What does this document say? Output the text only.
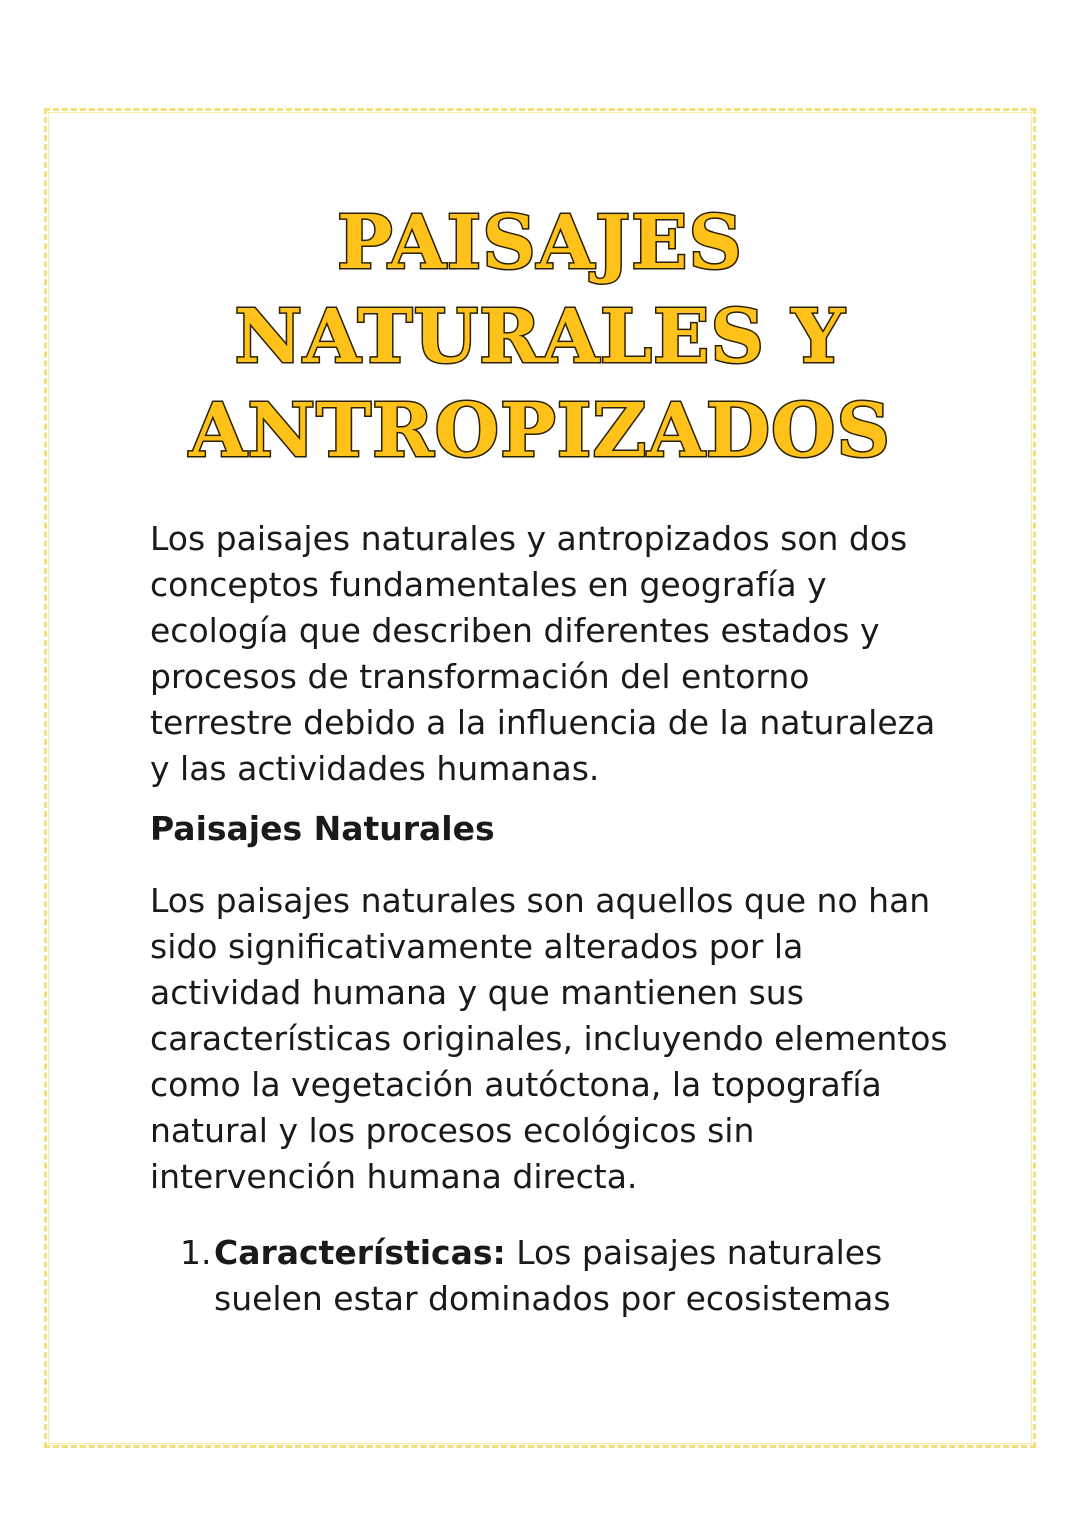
PAISAJES
NATURALES Y
ANTROPIZADOS

Los paisajes naturales y antropizados son dos conceptos fundamentales en geografía y ecología que describen diferentes estados y procesos de transformación del entorno terrestre debido a la influencia de la naturaleza y las actividades humanas.

Paisajes Naturales

Los paisajes naturales son aquellos que no han sido significativamente alterados por la actividad humana y que mantienen sus características originales, incluyendo elementos como la vegetación autóctona, la topografía natural y los procesos ecológicos sin intervención humana directa.

1. Características: Los paisajes naturales suelen estar dominados por ecosistemas
